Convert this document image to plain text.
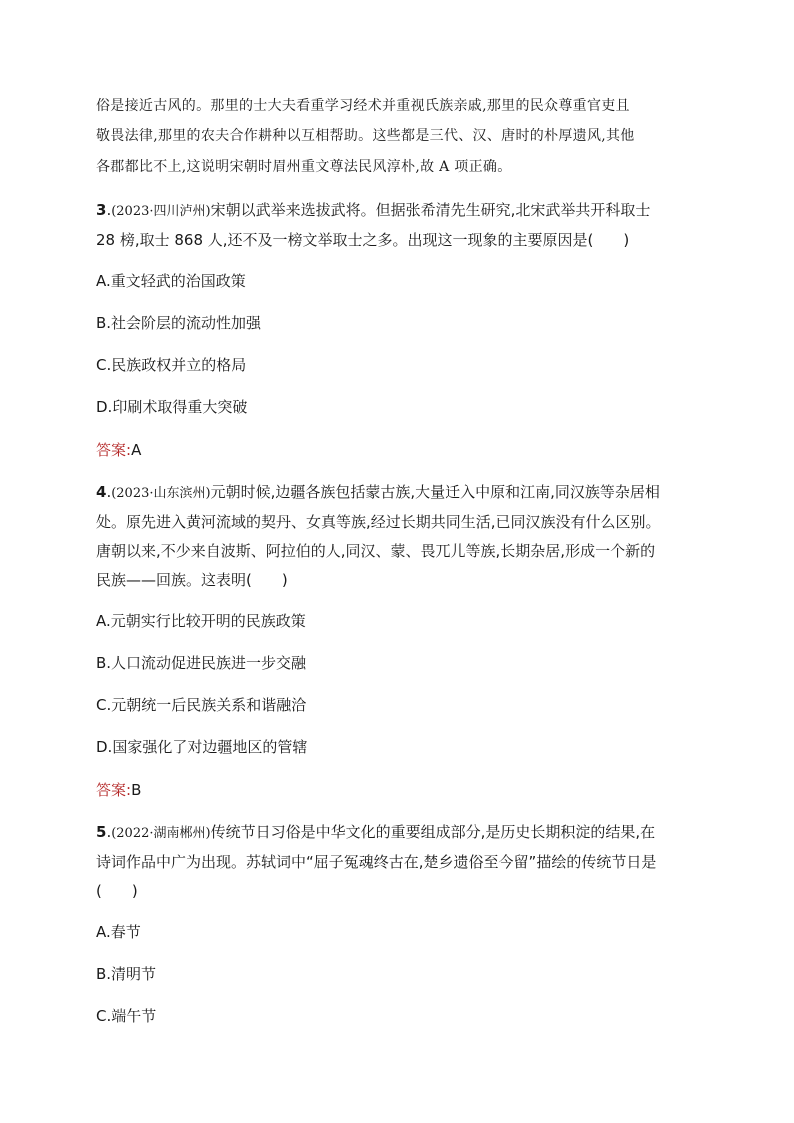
俗是接近古风的。那里的士大夫看重学习经术并重视氏族亲戚,那里的民众尊重官吏且
敬畏法律,那里的农夫合作耕种以互相帮助。这些都是三代、汉、唐时的朴厚遗风,其他
各郡都比不上,这说明宋朝时眉州重文尊法民风淳朴,故 A 项正确。
3.(2023·四川泸州)宋朝以武举来选拔武将。但据张希清先生研究,北宋武举共开科取士
28 榜,取士 868 人,还不及一榜文举取士之多。出现这一现象的主要原因是(　　)
A.重文轻武的治国政策
B.社会阶层的流动性加强
C.民族政权并立的格局
D.印刷术取得重大突破
答案:A
4.(2023·山东滨州)元朝时候,边疆各族包括蒙古族,大量迁入中原和江南,同汉族等杂居相
处。原先进入黄河流域的契丹、女真等族,经过长期共同生活,已同汉族没有什么区别。
唐朝以来,不少来自波斯、阿拉伯的人,同汉、蒙、畏兀儿等族,长期杂居,形成一个新的
民族——回族。这表明(　　)
A.元朝实行比较开明的民族政策
B.人口流动促进民族进一步交融
C.元朝统一后民族关系和谐融洽
D.国家强化了对边疆地区的管辖
答案:B
5.(2022·湖南郴州)传统节日习俗是中华文化的重要组成部分,是历史长期积淀的结果,在
诗词作品中广为出现。苏轼词中“屈子冤魂终古在,楚乡遗俗至今留”描绘的传统节日是
(　　)
A.春节
B.清明节
C.端午节
